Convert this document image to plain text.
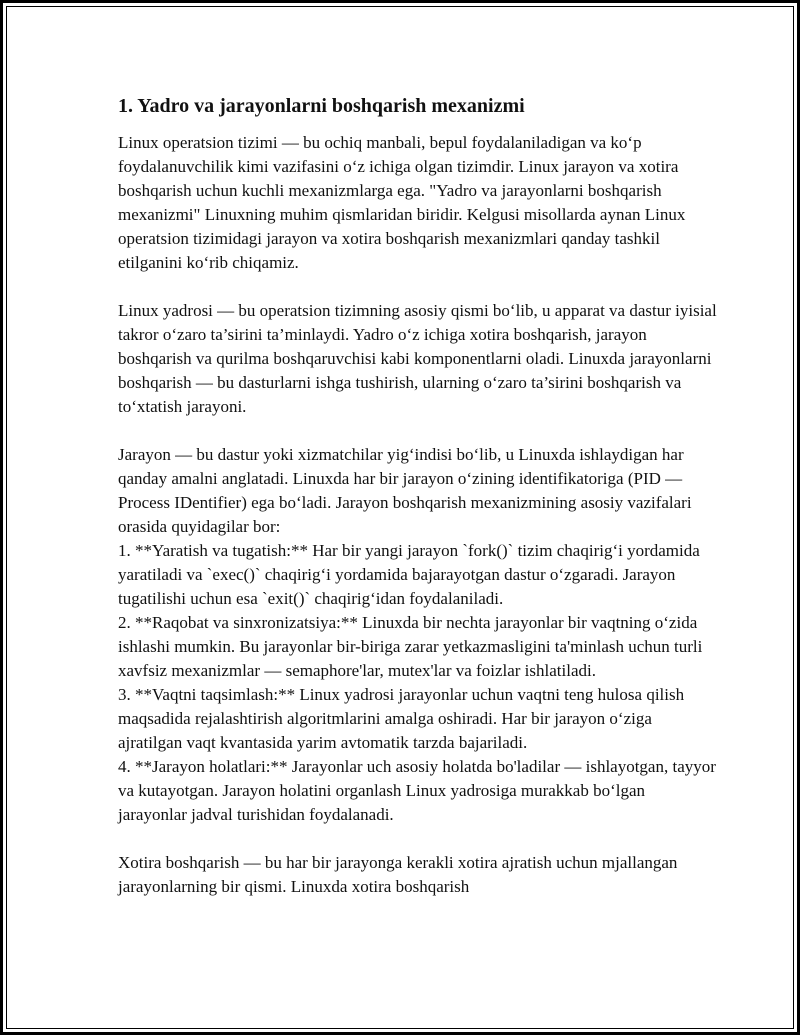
1. Yadro va jarayonlarni boshqarish mexanizmi

Linux operatsion tizimi — bu ochiq manbali, bepul foydalaniladigan va ko‘p foydalanuvchilik kimi vazifasini o‘z ichiga olgan tizimdir. Linux jarayon va xotira boshqarish uchun kuchli mexanizmlarga ega. "Yadro va jarayonlarni boshqarish mexanizmi" Linuxning muhim qismlaridan biridir. Kelgusi misollarda aynan Linux operatsion tizimidagi jarayon va xotira boshqarish mexanizmlari qanday tashkil etilganini ko‘rib chiqamiz.

Linux yadrosi — bu operatsion tizimning asosiy qismi bo‘lib, u apparat va dastur iyisial takror o‘zaro ta’sirini ta’minlaydi. Yadro o‘z ichiga xotira boshqarish, jarayon boshqarish va qurilma boshqaruvchisi kabi komponentlarni oladi. Linuxda jarayonlarni boshqarish — bu dasturlarni ishga tushirish, ularning o‘zaro ta’sirini boshqarish va to‘xtatish jarayoni.

Jarayon — bu dastur yoki xizmatchilar yig‘indisi bo‘lib, u Linuxda ishlaydigan har qanday amalni anglatadi. Linuxda har bir jarayon o‘zining identifikatoriga (PID — Process IDentifier) ega bo‘ladi. Jarayon boshqarish mexanizmining asosiy vazifalari orasida quyidagilar bor:

1. **Yaratish va tugatish:** Har bir yangi jarayon `fork()` tizim chaqirig‘i yordamida yaratiladi va `exec()` chaqirig‘i yordamida bajarayotgan dastur o‘zgaradi. Jarayon tugatilishi uchun esa `exit()` chaqirig‘idan foydalaniladi.
2. **Raqobat va sinxronizatsiya:** Linuxda bir nechta jarayonlar bir vaqtning o‘zida ishlashi mumkin. Bu jarayonlar bir-biriga zarar yetkazmasligini ta'minlash uchun turli xavfsiz mexanizmlar — semaphore'lar, mutex'lar va foizlar ishlatiladi.
3. **Vaqtni taqsimlash:** Linux yadrosi jarayonlar uchun vaqtni teng hulosa qilish maqsadida rejalashtirish algoritmlarini amalga oshiradi. Har bir jarayon o‘ziga ajratilgan vaqt kvantasida yarim avtomatik tarzda bajariladi.
4. **Jarayon holatlari:** Jarayonlar uch asosiy holatda bo'ladilar — ishlayotgan, tayyor va kutayotgan. Jarayon holatini organlash Linux yadrosiga murakkab bo‘lgan jarayonlar jadval turishidan foydalanadi.

Xotira boshqarish — bu har bir jarayonga kerakli xotira ajratish uchun mjallangan jarayonlarning bir qismi. Linuxda xotira boshqarish
